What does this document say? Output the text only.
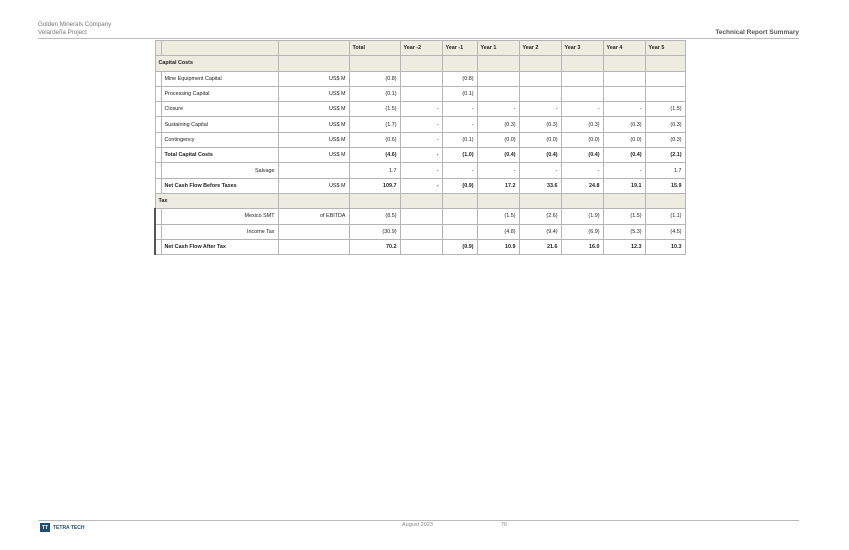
Golden Minerals Company
Velardeña Project	Technical Report Summary
			Total	Year -2	Year -1	Year 1	Year 2	Year 3	Year 4	Year 5
Capital Costs										
	Mine Equipment Capital	US$ M	(0.8)		(0.8)					
	Processing Capital	US$ M	(0.1)		(0.1)					
	Closure	US$ M	(1.5)	-	-	-	-	-	-	(1.5)
	Sustaining Capital	US$ M	(1.7)	-	-	(0.3)	(0.3)	(0.3)	(0.3)	(0.3)
	Contingency	US$ M	(0.6)	-	(0.1)	(0.0)	(0.0)	(0.0)	(0.0)	(0.3)
	Total Capital Costs	US$ M	(4.6)	-	(1.0)	(0.4)	(0.4)	(0.4)	(0.4)	(2.1)
	Salvage		1.7	-	-	-	-	-	-	1.7
	Net Cash Flow Before Taxes	US$ M	109.7	-	(0.9)	17.2	33.6	24.8	19.1	15.9
Tax										
	Mexico SMT	of EBITDA	(8.5)			(1.5)	(2.6)	(1.9)	(1.5)	(1.1)
	Income Tax		(30.9)			(4.8)	(9.4)	(6.9)	(5.3)	(4.5)
	Net Cash Flow After Tax		70.2		(0.9)	10.9	21.6	16.0	12.3	10.3
TT TETRA TECH	August 2023	76
